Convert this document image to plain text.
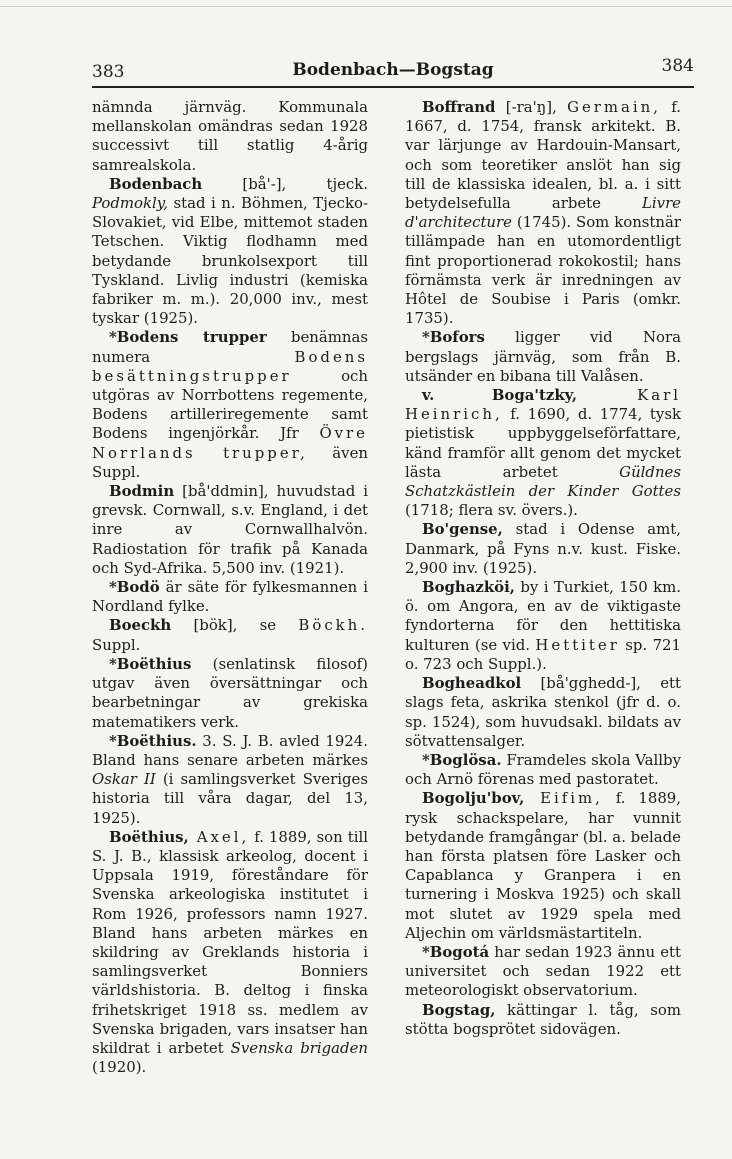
383	Bodenbach—Bogstag	384

nämnda järnväg. Kommunala mellanskolan omändras sedan 1928 successivt till statlig 4-årig samrealskola.

Bodenbach [bå'-], tjeck. Podmokly, stad i n. Böhmen, Tjecko-Slovakiet, vid Elbe, mittemot staden Tetschen. Viktig flodhamn med betydande brunkolsexport till Tyskland. Livlig industri (kemiska fabriker m. m.). 20,000 inv., mest tyskar (1925).

*Bodens trupper benämnas numera Bodens besättningstrupper och utgöras av Norrbottens regemente, Bodens artilleriregemente samt Bodens ingenjörkår. Jfr Övre Norrlands trupper, även Suppl.

Bodmin [bå'ddmin], huvudstad i grevsk. Cornwall, s.v. England, i det inre av Cornwallhalvön. Radiostation för trafik på Kanada och Syd-Afrika. 5,500 inv. (1921).

*Bodö är säte för fylkesmannen i Nordland fylke.

Boeckh [bök], se Böckh. Suppl.

*Boëthius (senlatinsk filosof) utgav även översättningar och bearbetningar av grekiska matematikers verk.

*Boëthius. 3. S. J. B. avled 1924. Bland hans senare arbeten märkes Oskar II (i samlingsverket Sveriges historia till våra dagar, del 13, 1925).

Boëthius, Axel, f. 1889, son till S. J. B., klassisk arkeolog, docent i Uppsala 1919, föreståndare för Svenska arkeologiska institutet i Rom 1926, professors namn 1927. Bland hans arbeten märkes en skildring av Greklands historia i samlingsverket Bonniers världshistoria. B. deltog i finska frihetskriget 1918 ss. medlem av Svenska brigaden, vars insatser han skildrat i arbetet Svenska brigaden (1920).

Boffrand [-ra'ŋ], Germain, f. 1667, d. 1754, fransk arkitekt. B. var lärjunge av Hardouin-Mansart, och som teoretiker anslöt han sig till de klassiska idealen, bl. a. i sitt betydelsefulla arbete Livre d'architecture (1745). Som konstnär tillämpade han en utomordentligt fint proportionerad rokokostil; hans förnämsta verk är inredningen av Hôtel de Soubise i Paris (omkr. 1735).

*Bofors ligger vid Nora bergslags järnväg, som från B. utsänder en bibana till Valåsen.

v. Boga'tzky, Karl Heinrich, f. 1690, d. 1774, tysk pietistisk uppbyggelseförfattare, känd framför allt genom det mycket lästa arbetet Güldnes Schatzkästlein der Kinder Gottes (1718; flera sv. övers.).

Bo'gense, stad i Odense amt, Danmark, på Fyns n.v. kust. Fiske. 2,900 inv. (1925).

Boghazköi, by i Turkiet, 150 km. ö. om Angora, en av de viktigaste fyndorterna för den hettitiska kulturen (se vid. Hettiter sp. 721 o. 723 och Suppl.).

Bogheadkol [bå'gghedd-], ett slags feta, askrika stenkol (jfr d. o. sp. 1524), som huvudsakl. bildats av sötvattensalger.

*Boglösa. Framdeles skola Vallby och Arnö förenas med pastoratet.

Bogolju'bov, Eifim, f. 1889, rysk schackspelare, har vunnit betydande framgångar (bl. a. belade han första platsen före Lasker och Capablanca y Granpera i en turnering i Moskva 1925) och skall mot slutet av 1929 spela med Aljechin om världsmästartiteln.

*Bogotá har sedan 1923 ännu ett universitet och sedan 1922 ett meteorologiskt observatorium.

Bogstag, kättingar l. tåg, som stötta bogsprötet sidovägen.
